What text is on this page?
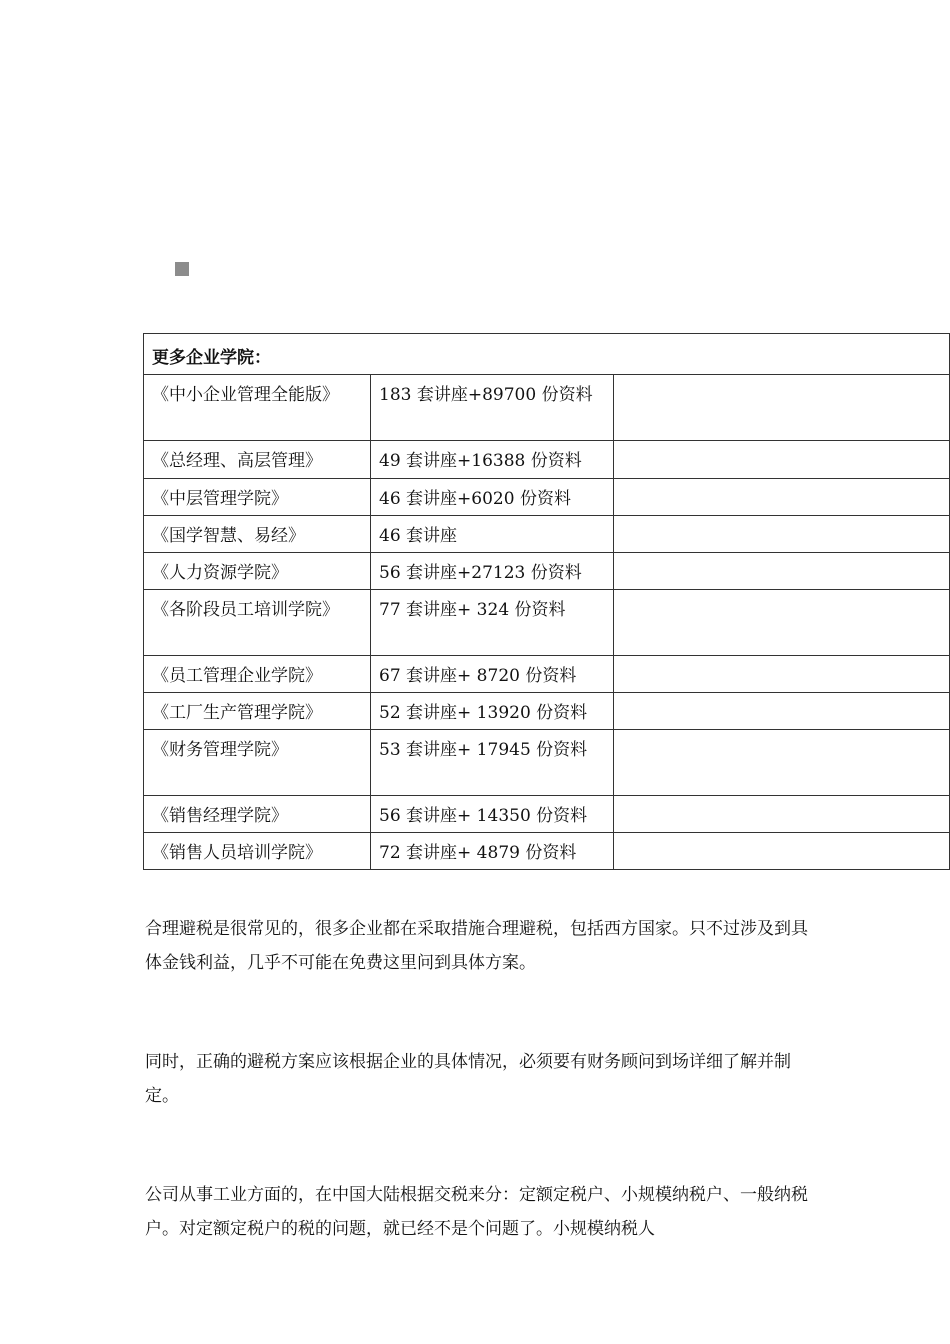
更多企业学院：		
《中小企业管理全能版》	183 套讲座+89700 份资料	
《总经理、高层管理》	49 套讲座+16388 份资料	
《中层管理学院》	46 套讲座+6020 份资料	
《国学智慧、易经》	46 套讲座	
《人力资源学院》	56 套讲座+27123 份资料	
《各阶段员工培训学院》	77 套讲座+ 324 份资料	
《员工管理企业学院》	67 套讲座+ 8720 份资料	
《工厂生产管理学院》	52 套讲座+ 13920 份资料	
《财务管理学院》	53 套讲座+ 17945 份资料	
《销售经理学院》	56 套讲座+ 14350 份资料	
《销售人员培训学院》	72 套讲座+ 4879 份资料	

合理避税是很常见的，很多企业都在采取措施合理避税，包括西方国家。只不过涉及到具体金钱利益，几乎不可能在免费这里问到具体方案。

同时，正确的避税方案应该根据企业的具体情况，必须要有财务顾问到场详细了解并制定。

公司从事工业方面的，在中国大陆根据交税来分：定额定税户、小规模纳税户、一般纳税户。对定额定税户的税的问题，就已经不是个问题了。小规模纳税人
